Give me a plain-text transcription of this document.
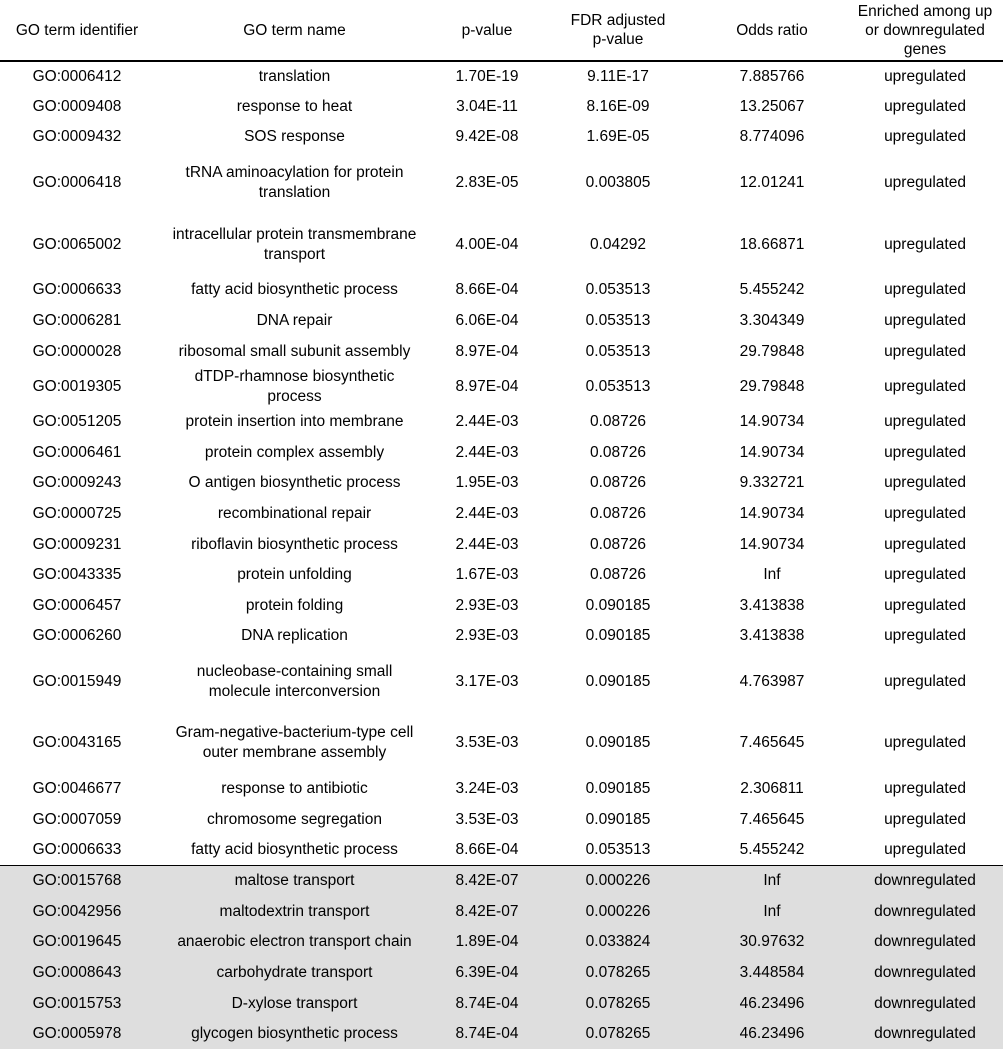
GO term identifier	GO term name	p-value	FDR adjusted p-value	Odds ratio	Enriched among up or downregulated genes
GO:0006412	translation	1.70E-19	9.11E-17	7.885766	upregulated
GO:0009408	response to heat	3.04E-11	8.16E-09	13.25067	upregulated
GO:0009432	SOS response	9.42E-08	1.69E-05	8.774096	upregulated
GO:0006418	tRNA aminoacylation for protein translation	2.83E-05	0.003805	12.01241	upregulated
GO:0065002	intracellular protein transmembrane transport	4.00E-04	0.04292	18.66871	upregulated
GO:0006633	fatty acid biosynthetic process	8.66E-04	0.053513	5.455242	upregulated
GO:0006281	DNA repair	6.06E-04	0.053513	3.304349	upregulated
GO:0000028	ribosomal small subunit assembly	8.97E-04	0.053513	29.79848	upregulated
GO:0019305	dTDP-rhamnose biosynthetic process	8.97E-04	0.053513	29.79848	upregulated
GO:0051205	protein insertion into membrane	2.44E-03	0.08726	14.90734	upregulated
GO:0006461	protein complex assembly	2.44E-03	0.08726	14.90734	upregulated
GO:0009243	O antigen biosynthetic process	1.95E-03	0.08726	9.332721	upregulated
GO:0000725	recombinational repair	2.44E-03	0.08726	14.90734	upregulated
GO:0009231	riboflavin biosynthetic process	2.44E-03	0.08726	14.90734	upregulated
GO:0043335	protein unfolding	1.67E-03	0.08726	Inf	upregulated
GO:0006457	protein folding	2.93E-03	0.090185	3.413838	upregulated
GO:0006260	DNA replication	2.93E-03	0.090185	3.413838	upregulated
GO:0015949	nucleobase-containing small molecule interconversion	3.17E-03	0.090185	4.763987	upregulated
GO:0043165	Gram-negative-bacterium-type cell outer membrane assembly	3.53E-03	0.090185	7.465645	upregulated
GO:0046677	response to antibiotic	3.24E-03	0.090185	2.306811	upregulated
GO:0007059	chromosome segregation	3.53E-03	0.090185	7.465645	upregulated
GO:0006633	fatty acid biosynthetic process	8.66E-04	0.053513	5.455242	upregulated
GO:0015768	maltose transport	8.42E-07	0.000226	Inf	downregulated
GO:0042956	maltodextrin transport	8.42E-07	0.000226	Inf	downregulated
GO:0019645	anaerobic electron transport chain	1.89E-04	0.033824	30.97632	downregulated
GO:0008643	carbohydrate transport	6.39E-04	0.078265	3.448584	downregulated
GO:0015753	D-xylose transport	8.74E-04	0.078265	46.23496	downregulated
GO:0005978	glycogen biosynthetic process	8.74E-04	0.078265	46.23496	downregulated
